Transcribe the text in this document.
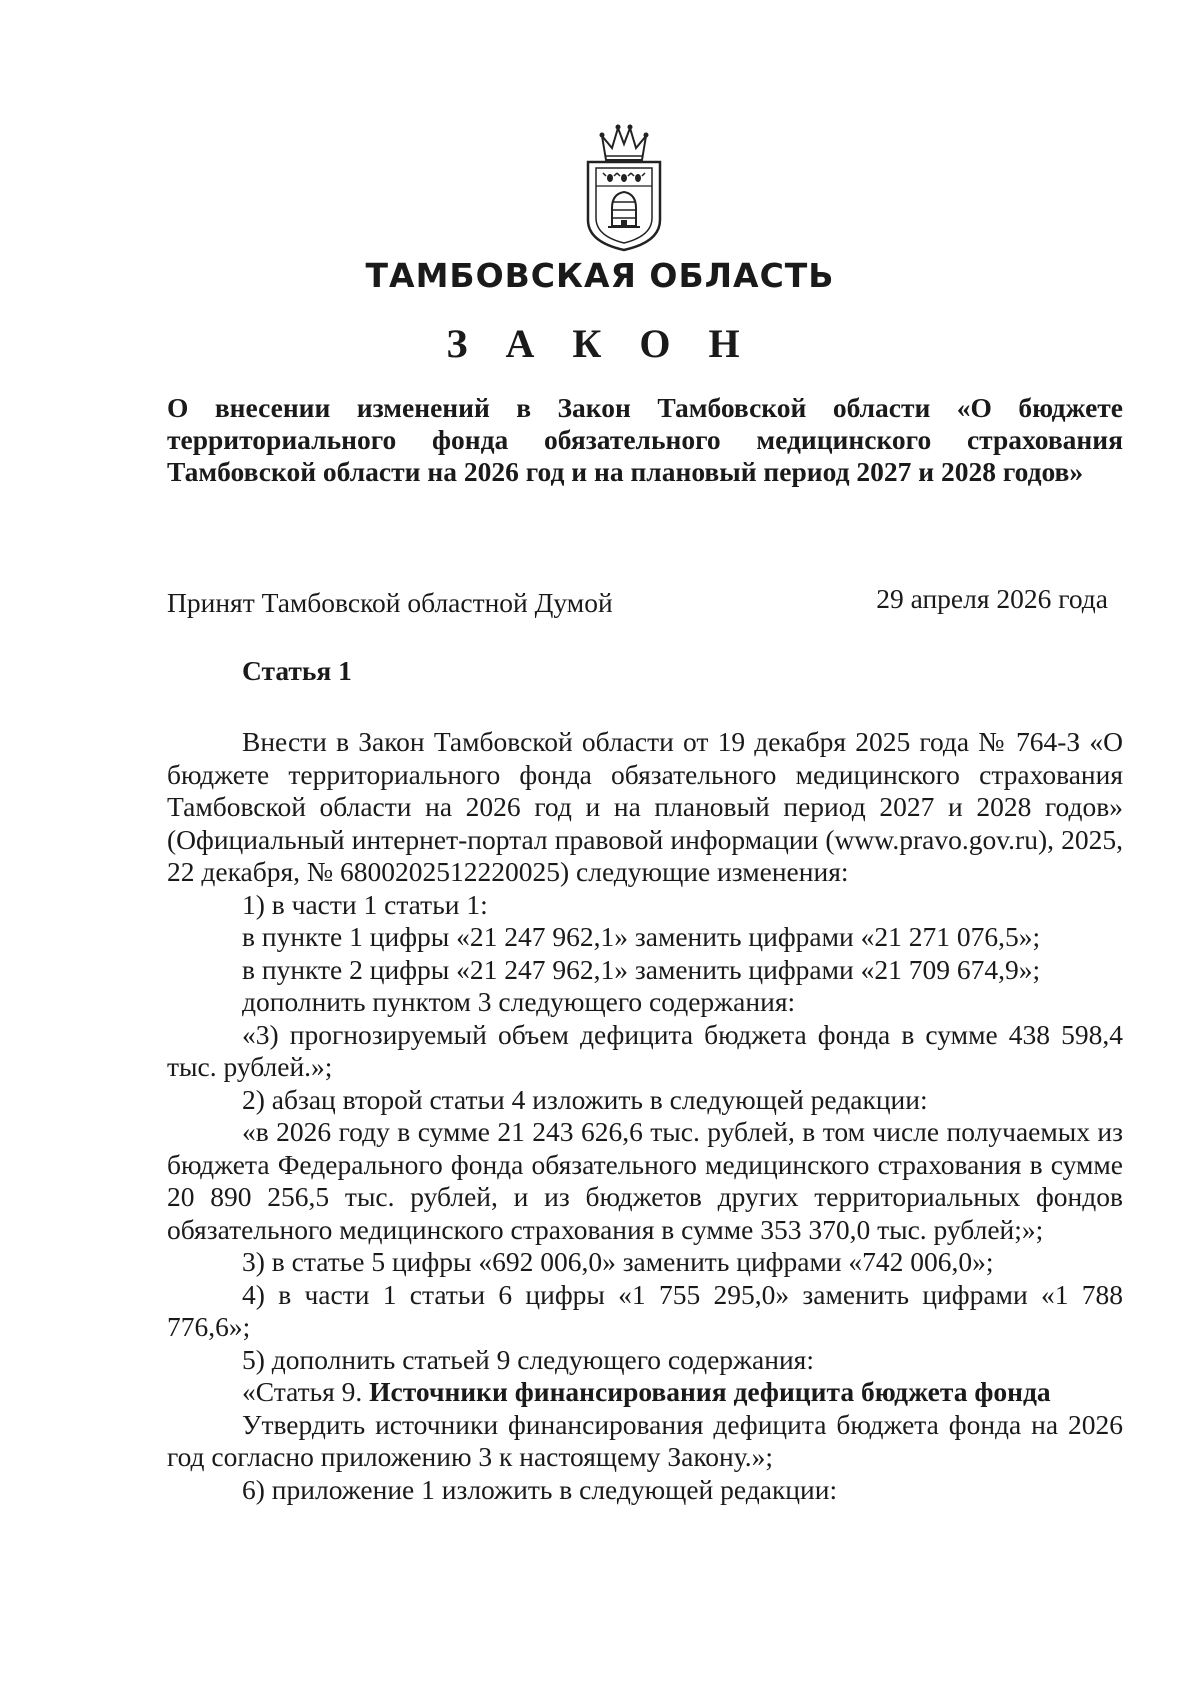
ТАМБОВСКАЯ ОБЛАСТЬ
З А К О Н
О внесении изменений в Закон Тамбовской области «О бюджете территориального фонда обязательного медицинского страхования Тамбовской области на 2026 год и на плановый период 2027 и 2028 годов»
Принят Тамбовской областной Думой	29 апреля 2026 года
Статья 1

Внести в Закон Тамбовской области от 19 декабря 2025 года № 764-З «О бюджете территориального фонда обязательного медицинского страхования Тамбовской области на 2026 год и на плановый период 2027 и 2028 годов» (Официальный интернет-портал правовой информации (www.pravo.gov.ru), 2025, 22 декабря, № 6800202512220025) следующие изменения:

1) в части 1 статьи 1:

в пункте 1 цифры «21 247 962,1» заменить цифрами «21 271 076,5»;

в пункте 2 цифры «21 247 962,1» заменить цифрами «21 709 674,9»;

дополнить пунктом 3 следующего содержания:

«3) прогнозируемый объем дефицита бюджета фонда в сумме 438 598,4 тыс. рублей.»;

2) абзац второй статьи 4 изложить в следующей редакции:

«в 2026 году в сумме 21 243 626,6 тыс. рублей, в том числе получаемых из бюджета Федерального фонда обязательного медицинского страхования в сумме 20 890 256,5 тыс. рублей, и из бюджетов других территориальных фондов обязательного медицинского страхования в сумме 353 370,0 тыс. рублей;»;

3) в статье 5 цифры «692 006,0» заменить цифрами «742 006,0»;

4) в части 1 статьи 6 цифры «1 755 295,0» заменить цифрами «1 788 776,6»;

5) дополнить статьей 9 следующего содержания:

«Статья 9. Источники финансирования дефицита бюджета фонда

Утвердить источники финансирования дефицита бюджета фонда на 2026 год согласно приложению 3 к настоящему Закону.»;

6) приложение 1 изложить в следующей редакции:
